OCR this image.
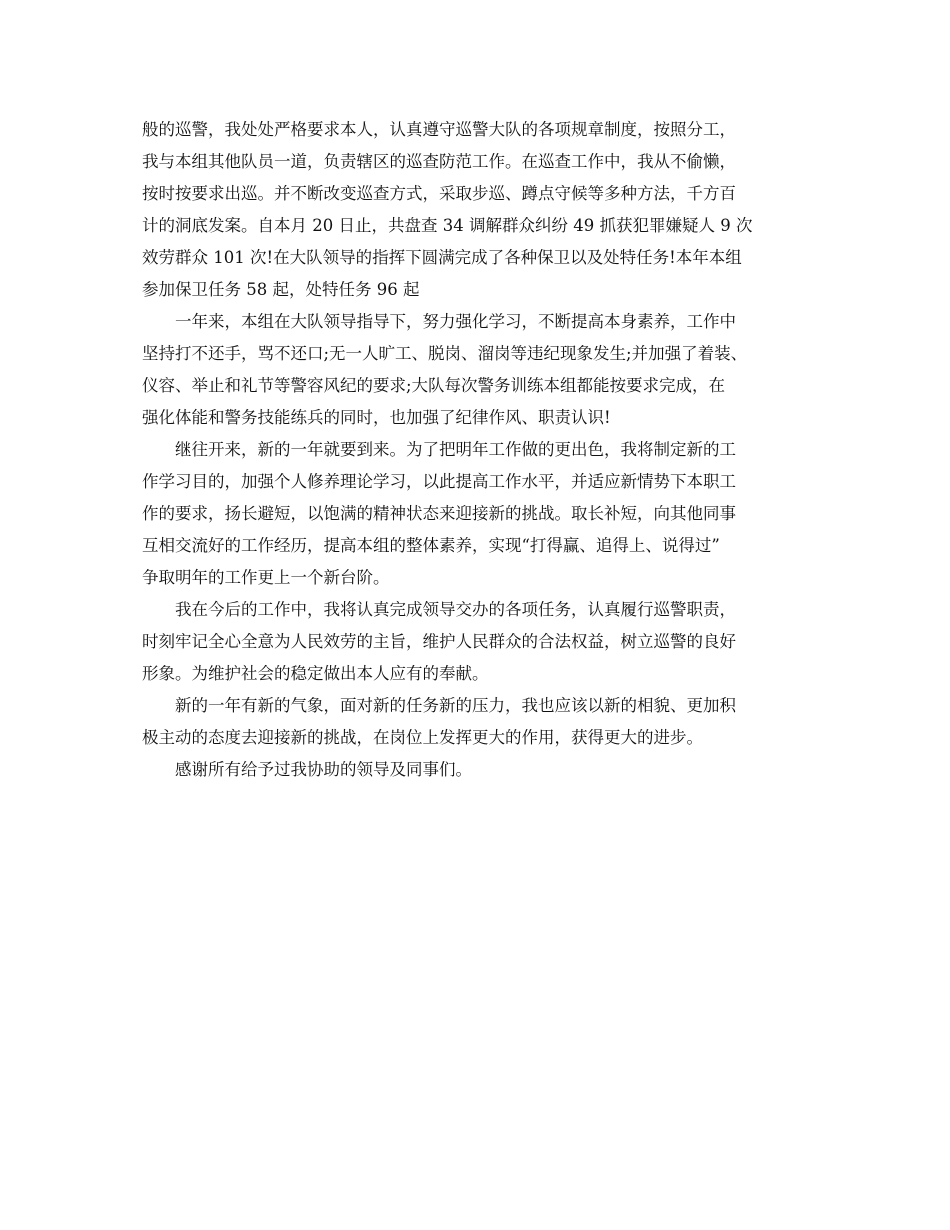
般的巡警，我处处严格要求本人，认真遵守巡警大队的各项规章制度，按照分工，
我与本组其他队员一道，负责辖区的巡查防范工作。在巡查工作中，我从不偷懒，
按时按要求出巡。并不断改变巡查方式，采取步巡、蹲点守候等多种方法，千方百
计的洞底发案。自本月 20 日止，共盘查 34 调解群众纠纷 49 抓获犯罪嫌疑人 9 次
效劳群众 101 次!在大队领导的指挥下圆满完成了各种保卫以及处特任务!本年本组
参加保卫任务 58 起，处特任务 96 起

一年来，本组在大队领导指导下，努力强化学习，不断提高本身素养，工作中
坚持打不还手，骂不还口;无一人旷工、脱岗、溜岗等违纪现象发生;并加强了着装、
仪容、举止和礼节等警容风纪的要求;大队每次警务训练本组都能按要求完成，在
强化体能和警务技能练兵的同时，也加强了纪律作风、职责认识!

继往开来，新的一年就要到来。为了把明年工作做的更出色，我将制定新的工
作学习目的，加强个人修养理论学习，以此提高工作水平，并适应新情势下本职工
作的要求，扬长避短，以饱满的精神状态来迎接新的挑战。取长补短，向其他同事
互相交流好的工作经历，提高本组的整体素养，实现“打得赢、追得上、说得过”
争取明年的工作更上一个新台阶。

我在今后的工作中，我将认真完成领导交办的各项任务，认真履行巡警职责，
时刻牢记全心全意为人民效劳的主旨，维护人民群众的合法权益，树立巡警的良好
形象。为维护社会的稳定做出本人应有的奉献。

新的一年有新的气象，面对新的任务新的压力，我也应该以新的相貌、更加积
极主动的态度去迎接新的挑战，在岗位上发挥更大的作用，获得更大的进步。

感谢所有给予过我协助的领导及同事们。
